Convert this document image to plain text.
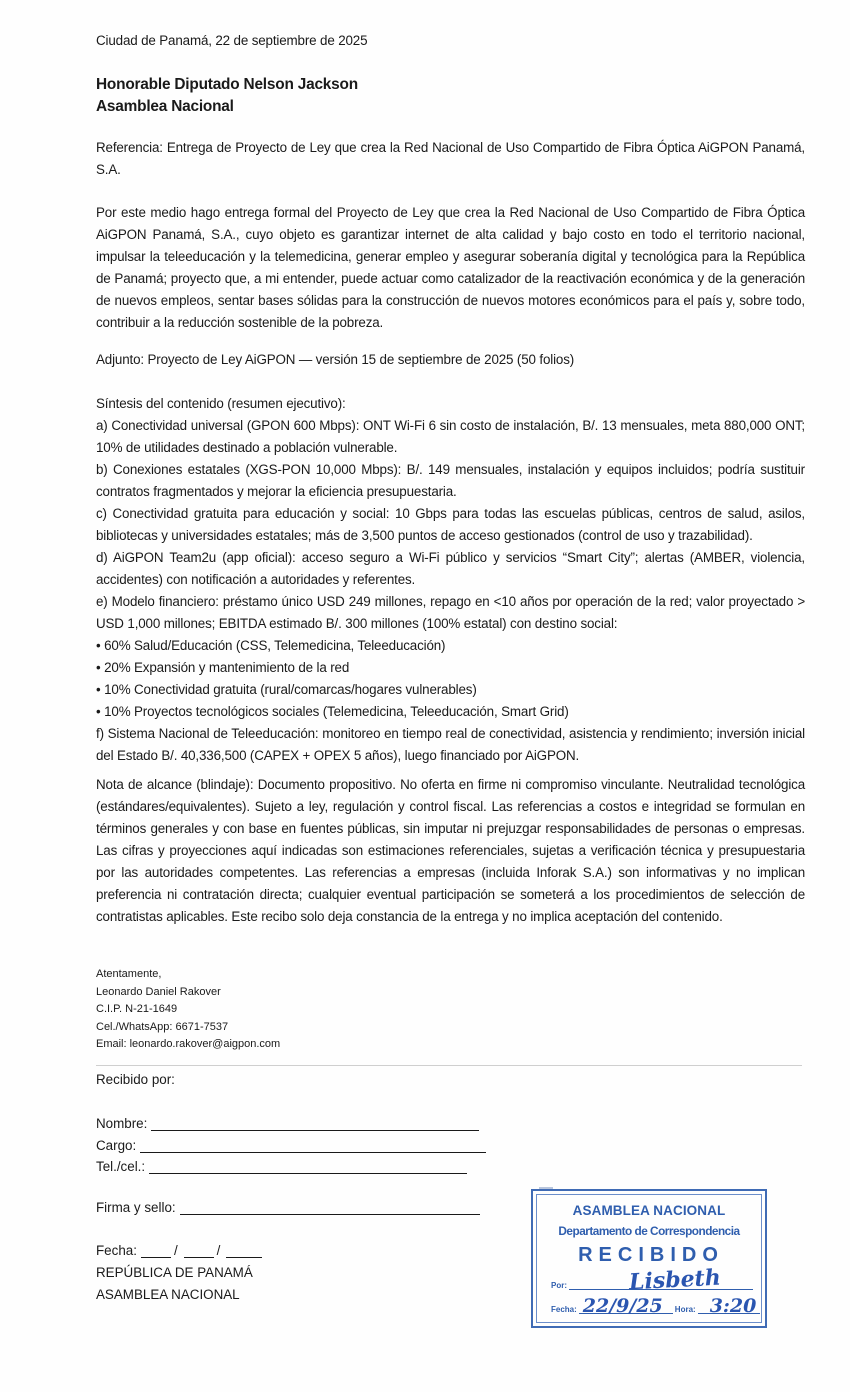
Ciudad de Panamá, 22 de septiembre de 2025
Honorable Diputado Nelson Jackson
Asamblea Nacional
Referencia: Entrega de Proyecto de Ley que crea la Red Nacional de Uso Compartido de Fibra Óptica AiGPON Panamá, S.A.
Por este medio hago entrega formal del Proyecto de Ley que crea la Red Nacional de Uso Compartido de Fibra Óptica AiGPON Panamá, S.A., cuyo objeto es garantizar internet de alta calidad y bajo costo en todo el territorio nacional, impulsar la teleeducación y la telemedicina, generar empleo y asegurar soberanía digital y tecnológica para la República de Panamá; proyecto que, a mi entender, puede actuar como catalizador de la reactivación económica y de la generación de nuevos empleos, sentar bases sólidas para la construcción de nuevos motores económicos para el país y, sobre todo, contribuir a la reducción sostenible de la pobreza.
Adjunto: Proyecto de Ley AiGPON — versión 15 de septiembre de 2025 (50 folios)
Síntesis del contenido (resumen ejecutivo):
a) Conectividad universal (GPON 600 Mbps): ONT Wi-Fi 6 sin costo de instalación, B/. 13 mensuales, meta 880,000 ONT; 10% de utilidades destinado a población vulnerable.
b) Conexiones estatales (XGS-PON 10,000 Mbps): B/. 149 mensuales, instalación y equipos incluidos; podría sustituir contratos fragmentados y mejorar la eficiencia presupuestaria.
c) Conectividad gratuita para educación y social: 10 Gbps para todas las escuelas públicas, centros de salud, asilos, bibliotecas y universidades estatales; más de 3,500 puntos de acceso gestionados (control de uso y trazabilidad).
d) AiGPON Team2u (app oficial): acceso seguro a Wi-Fi público y servicios “Smart City”; alertas (AMBER, violencia, accidentes) con notificación a autoridades y referentes.
e) Modelo financiero: préstamo único USD 249 millones, repago en <10 años por operación de la red; valor proyectado > USD 1,000 millones; EBITDA estimado B/. 300 millones (100% estatal) con destino social:
• 60% Salud/Educación (CSS, Telemedicina, Teleeducación)
• 20% Expansión y mantenimiento de la red
• 10% Conectividad gratuita (rural/comarcas/hogares vulnerables)
• 10% Proyectos tecnológicos sociales (Telemedicina, Teleeducación, Smart Grid)
f) Sistema Nacional de Teleeducación: monitoreo en tiempo real de conectividad, asistencia y rendimiento; inversión inicial del Estado B/. 40,336,500 (CAPEX + OPEX 5 años), luego financiado por AiGPON.
Nota de alcance (blindaje): Documento propositivo. No oferta en firme ni compromiso vinculante. Neutralidad tecnológica (estándares/equivalentes). Sujeto a ley, regulación y control fiscal. Las referencias a costos e integridad se formulan en términos generales y con base en fuentes públicas, sin imputar ni prejuzgar responsabilidades de personas o empresas. Las cifras y proyecciones aquí indicadas son estimaciones referenciales, sujetas a verificación técnica y presupuestaria por las autoridades competentes. Las referencias a empresas (incluida Inforak S.A.) son informativas y no implican preferencia ni contratación directa; cualquier eventual participación se someterá a los procedimientos de selección de contratistas aplicables. Este recibo solo deja constancia de la entrega y no implica aceptación del contenido.
Atentamente,
Leonardo Daniel Rakover
C.I.P. N-21-1649
Cel./WhatsApp: 6671-7537
Email: leonardo.rakover@aigpon.com
Recibido por:
Nombre:
Cargo:
Tel./cel.:
Firma y sello:
Fecha:	/	/
REPÚBLICA DE PANAMÁ
ASAMBLEA NACIONAL
ASAMBLEA NACIONAL
Departamento de Correspondencia
RECIBIDO
Por:	Lisbeth
Fecha: 22/9/25 Hora: 3:20
